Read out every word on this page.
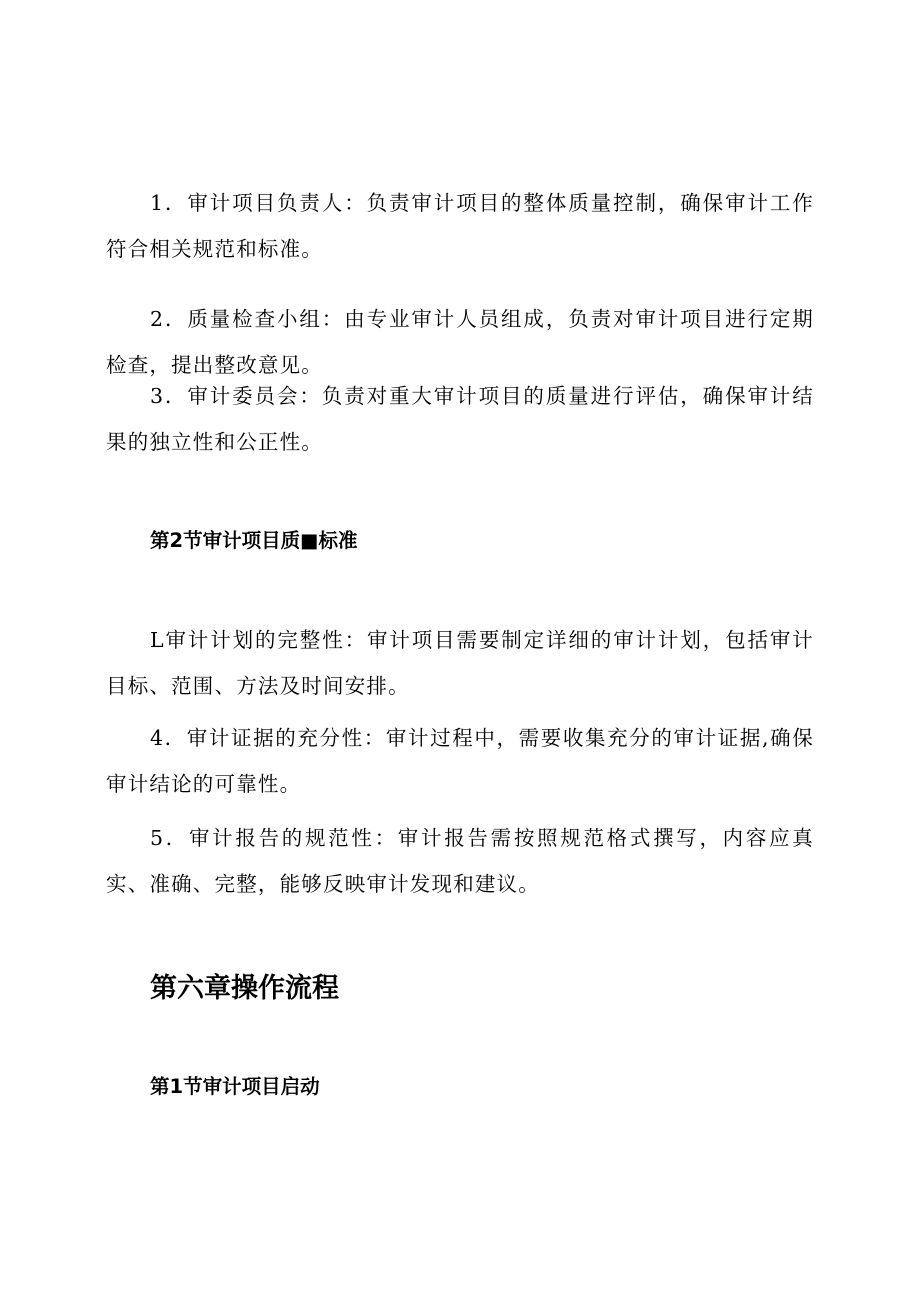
1．审计项目负责人：负责审计项目的整体质量控制，确保审计工作符合相关规范和标准。

2．质量检查小组：由专业审计人员组成，负责对审计项目进行定期检查，提出整改意见。

3．审计委员会：负责对重大审计项目的质量进行评估，确保审计结果的独立性和公正性。

第2节审计项目质■标准

L审计计划的完整性：审计项目需要制定详细的审计计划，包括审计目标、范围、方法及时间安排。

4．审计证据的充分性：审计过程中，需要收集充分的审计证据,确保审计结论的可靠性。

5．审计报告的规范性：审计报告需按照规范格式撰写，内容应真实、准确、完整，能够反映审计发现和建议。

第六章操作流程
第1节审计项目启动
